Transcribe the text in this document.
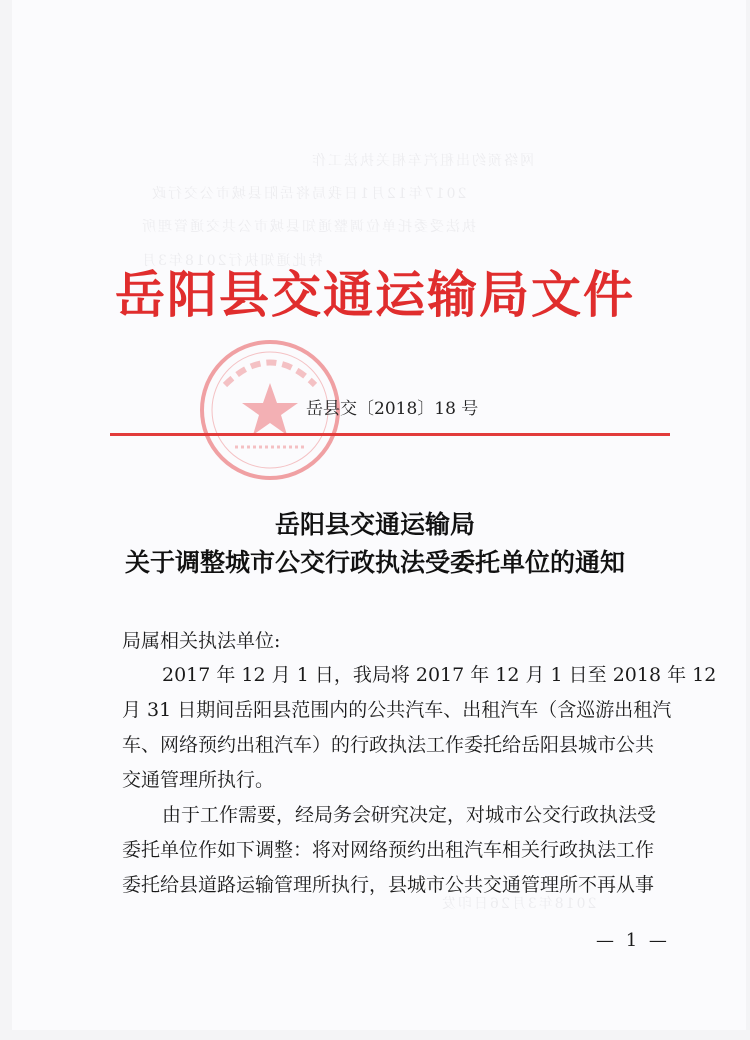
网络预约出租汽车相关执法工作
2017年12月1日我局将岳阳县城市公交行政
执法受委托单位调整通知县城市公共交通管理所
特此通知执行2018年3月
2018年3月26日印发
岳阳县交通运输局文件
岳县交〔2018〕18 号
岳阳县交通运输局
关于调整城市公交行政执法受委托单位的通知
局属相关执法单位:
2017 年 12 月 1 日，我局将 2017 年 12 月 1 日至 2018 年 12
月 31 日期间岳阳县范围内的公共汽车、出租汽车（含巡游出租汽
车、网络预约出租汽车）的行政执法工作委托给岳阳县城市公共
交通管理所执行。
由于工作需要，经局务会研究决定，对城市公交行政执法受
委托单位作如下调整：将对网络预约出租汽车相关行政执法工作
委托给县道路运输管理所执行，县城市公共交通管理所不再从事
— 1 —
